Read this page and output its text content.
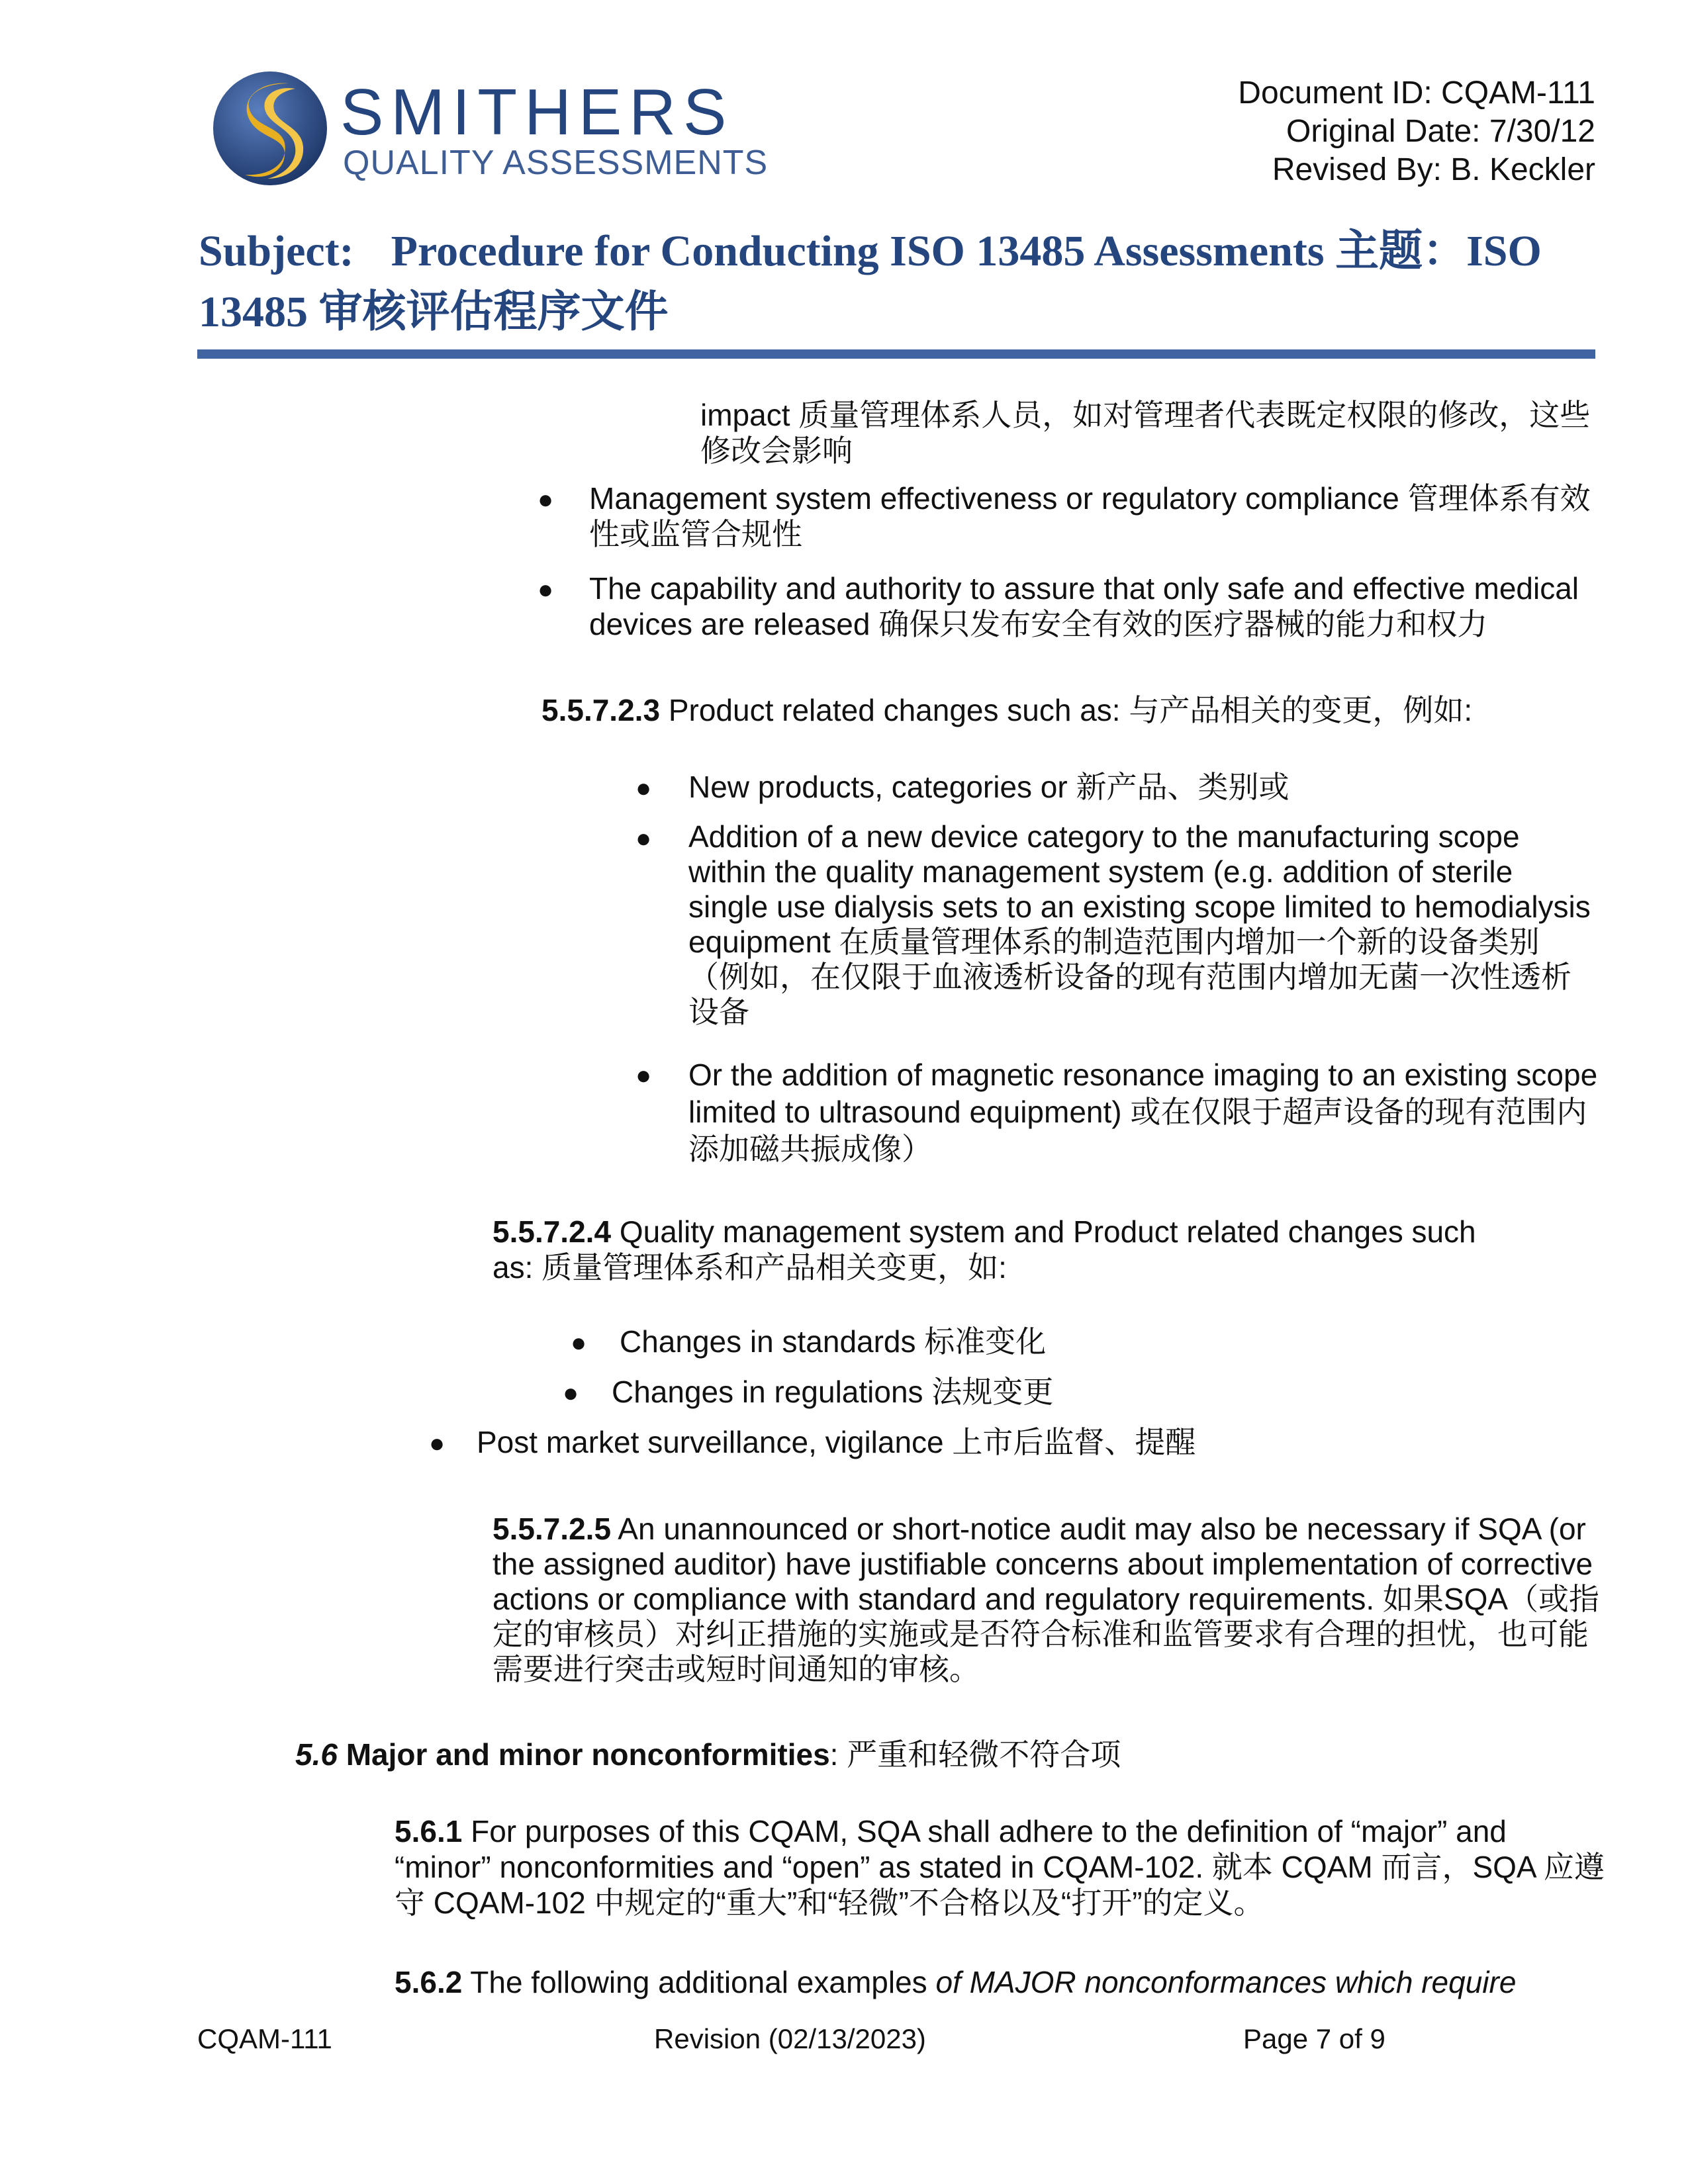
SMITHERS
QUALITY ASSESSMENTS
Document ID: CQAM-111
Original Date: 7/30/12
Revised By: B. Keckler
Subject: Procedure for Conducting ISO 13485 Assessments 主题：ISO 13485 审核评估程序文件
impact 质量管理体系人员，如对管理者代表既定权限的修改，这些
修改会影响
● Management system effectiveness or regulatory compliance 管理体系有效
性或监管合规性
● The capability and authority to assure that only safe and effective medical
devices are released 确保只发布安全有效的医疗器械的能力和权力
5.5.7.2.3 Product related changes such as: 与产品相关的变更，例如:
● New products, categories or 新产品、类别或
● Addition of a new device category to the manufacturing scope
within the quality management system (e.g. addition of sterile
single use dialysis sets to an existing scope limited to hemodialysis
equipment 在质量管理体系的制造范围内增加一个新的设备类别
（例如，在仅限于血液透析设备的现有范围内增加无菌一次性透析
设备
● Or the addition of magnetic resonance imaging to an existing scope
limited to ultrasound equipment) 或在仅限于超声设备的现有范围内
添加磁共振成像）
5.5.7.2.4 Quality management system and Product related changes such
as: 质量管理体系和产品相关变更，如:
● Changes in standards 标准变化
● Changes in regulations 法规变更
● Post market surveillance, vigilance 上市后监督、提醒
5.5.7.2.5 An unannounced or short-notice audit may also be necessary if SQA (or
the assigned auditor) have justifiable concerns about implementation of corrective
actions or compliance with standard and regulatory requirements. 如果SQA（或指
定的审核员）对纠正措施的实施或是否符合标准和监管要求有合理的担忧，也可能
需要进行突击或短时间通知的审核。
5.6 Major and minor nonconformities: 严重和轻微不符合项
5.6.1 For purposes of this CQAM, SQA shall adhere to the definition of “major” and
“minor” nonconformities and “open” as stated in CQAM-102. 就本 CQAM 而言，SQA 应遵
守 CQAM-102 中规定的“重大”和“轻微”不合格以及“打开”的定义。
5.6.2 The following additional examples of MAJOR nonconformances which require
CQAM-111	Revision (02/13/2023)	Page 7 of 9
